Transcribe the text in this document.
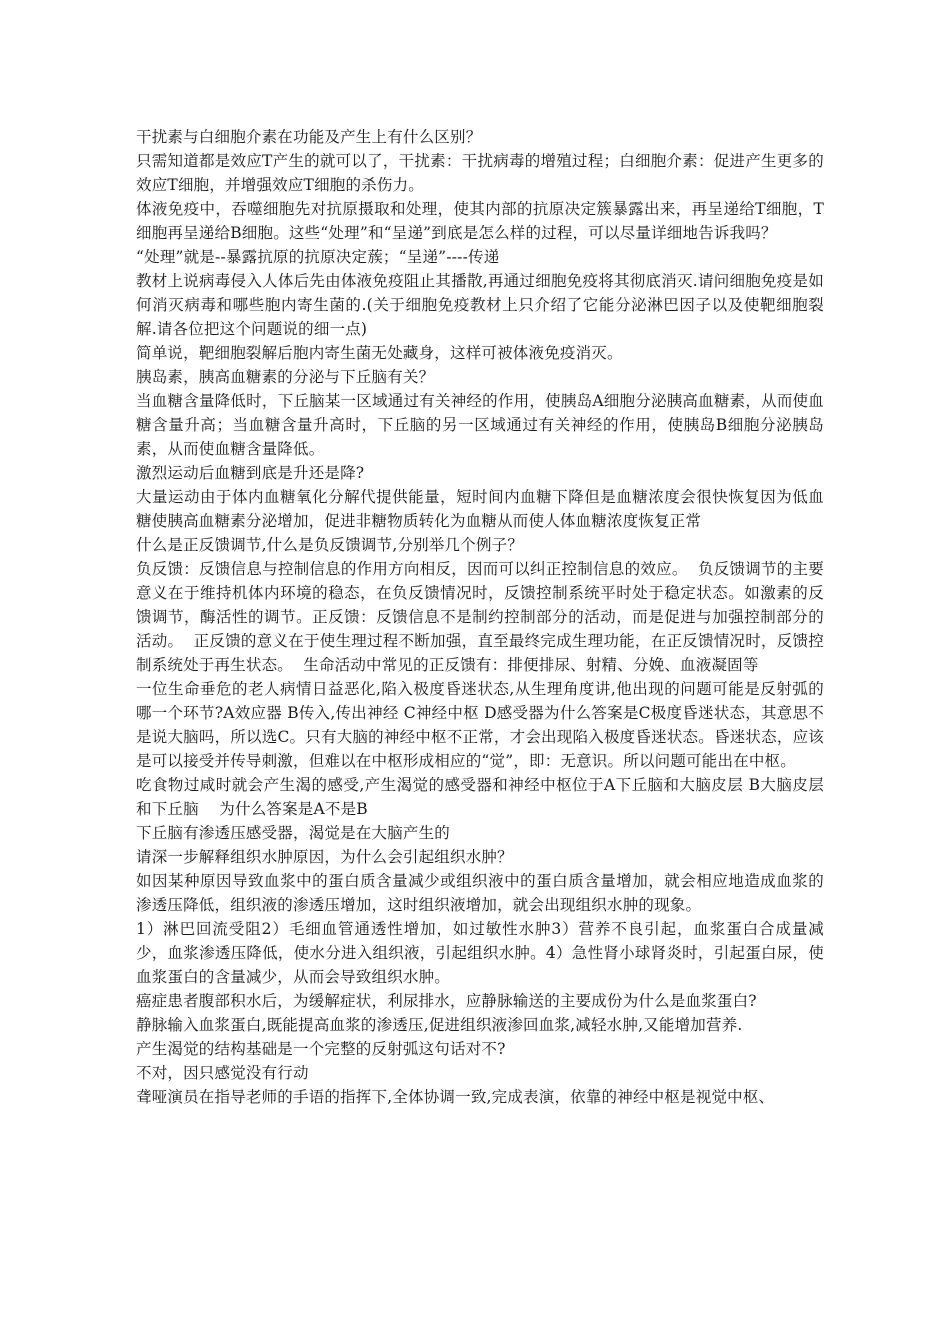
干扰素与白细胞介素在功能及产生上有什么区别？

只需知道都是效应T产生的就可以了，干扰素：干扰病毒的增殖过程；白细胞介素：促进产生更多的效应T细胞，并增强效应T细胞的杀伤力。

体液免疫中，吞噬细胞先对抗原摄取和处理，使其内部的抗原决定簇暴露出来，再呈递给T细胞，T细胞再呈递给B细胞。这些“处理”和“呈递”到底是怎么样的过程，可以尽量详细地告诉我吗？

“处理”就是--暴露抗原的抗原决定蔟；“呈递”----传递

教材上说病毒侵入人体后先由体液免疫阻止其播散,再通过细胞免疫将其彻底消灭.请问细胞免疫是如何消灭病毒和哪些胞内寄生菌的.(关于细胞免疫教材上只介绍了它能分泌淋巴因子以及使靶细胞裂解.请各位把这个问题说的细一点)

简单说，靶细胞裂解后胞内寄生菌无处藏身，这样可被体液免疫消灭。

胰岛素，胰高血糖素的分泌与下丘脑有关？

当血糖含量降低时，下丘脑某一区域通过有关神经的作用，使胰岛A细胞分泌胰高血糖素，从而使血糖含量升高；当血糖含量升高时，下丘脑的另一区域通过有关神经的作用，使胰岛B细胞分泌胰岛素，从而使血糖含量降低。

激烈运动后血糖到底是升还是降?

大量运动由于体内血糖氧化分解代提供能量，短时间内血糖下降但是血糖浓度会很快恢复因为低血糖使胰高血糖素分泌增加，促进非糖物质转化为血糖从而使人体血糖浓度恢复正常

什么是正反馈调节,什么是负反馈调节,分别举几个例子？

负反馈：反馈信息与控制信息的作用方向相反，因而可以纠正控制信息的效应。  负反馈调节的主要意义在于维持机体内环境的稳态，在负反馈情况时，反馈控制系统平时处于稳定状态。如激素的反馈调节，酶活性的调节。正反馈：反馈信息不是制约控制部分的活动，而是促进与加强控制部分的活动。  正反馈的意义在于使生理过程不断加强，直至最终完成生理功能，在正反馈情况时，反馈控制系统处于再生状态。  生命活动中常见的正反馈有：排便排尿、射精、分娩、血液凝固等

一位生命垂危的老人病情日益恶化,陷入极度昏迷状态,从生理角度讲,他出现的问题可能是反射弧的哪一个环节?A效应器 B传入,传出神经 C神经中枢 D感受器为什么答案是C极度昏迷状态，其意思不是说大脑吗，所以选C。只有大脑的神经中枢不正常，才会出现陷入极度昏迷状态。昏迷状态，应该是可以接受并传导刺激，但难以在中枢形成相应的“觉”，即：无意识。所以问题可能出在中枢。

吃食物过咸时就会产生渴的感受,产生渴觉的感受器和神经中枢位于A下丘脑和大脑皮层 B大脑皮层和下丘脑    为什么答案是A不是B

下丘脑有渗透压感受器，渴觉是在大脑产生的

请深一步解释组织水肿原因，为什么会引起组织水肿？

如因某种原因导致血浆中的蛋白质含量减少或组织液中的蛋白质含量增加，就会相应地造成血浆的渗透压降低，组织液的渗透压增加，这时组织液增加，就会出现组织水肿的现象。

1）淋巴回流受阻2）毛细血管通透性增加，如过敏性水肿3）营养不良引起，血浆蛋白合成量减少，血浆渗透压降低，使水分进入组织液，引起组织水肿。4）急性肾小球肾炎时，引起蛋白尿，使血浆蛋白的含量减少，从而会导致组织水肿。

癌症患者腹部积水后，为缓解症状，利尿排水，应静脉输送的主要成份为什么是血浆蛋白?

静脉输入血浆蛋白,既能提高血浆的渗透压,促进组织液渗回血浆,减轻水肿,又能增加营养.

产生渴觉的结构基础是一个完整的反射弧这句话对不?

不对，因只感觉没有行动

聋哑演员在指导老师的手语的指挥下,全体协调一致,完成表演，依靠的神经中枢是视觉中枢、
